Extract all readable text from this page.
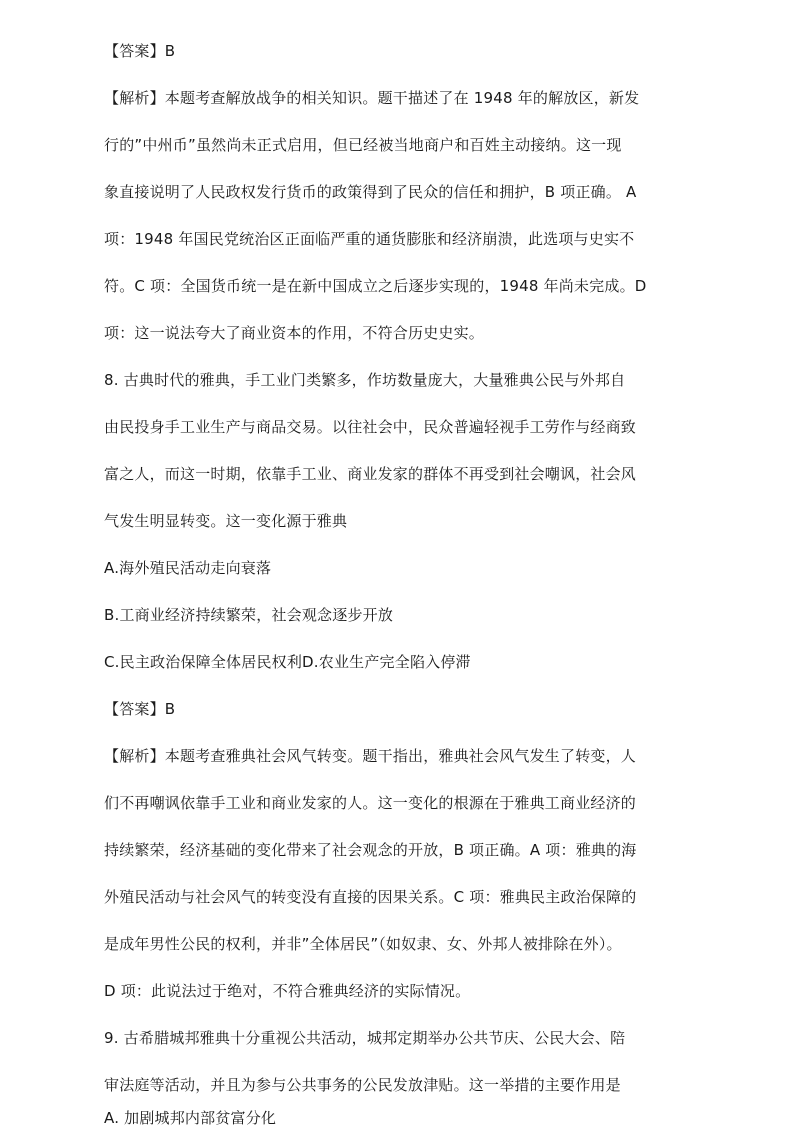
【答案】B
【解析】本题考查解放战争的相关知识。题干描述了在 1948 年的解放区，新发
行的”中州币”虽然尚未正式启用，但已经被当地商户和百姓主动接纳。这一现
象直接说明了人民政权发行货币的政策得到了民众的信任和拥护，B 项正确。 A
项：1948 年国民党统治区正面临严重的通货膨胀和经济崩溃，此选项与史实不
符。C 项：全国货币统一是在新中国成立之后逐步实现的，1948 年尚未完成。D
项：这一说法夸大了商业资本的作用，不符合历史史实。
8. 古典时代的雅典，手工业门类繁多，作坊数量庞大，大量雅典公民与外邦自
由民投身手工业生产与商品交易。以往社会中，民众普遍轻视手工劳作与经商致
富之人，而这一时期，依靠手工业、商业发家的群体不再受到社会嘲讽，社会风
气发生明显转变。这一变化源于雅典
A.海外殖民活动走向衰落
B.工商业经济持续繁荣，社会观念逐步开放
C.民主政治保障全体居民权利D.农业生产完全陷入停滞
【答案】B
【解析】本题考查雅典社会风气转变。题干指出，雅典社会风气发生了转变，人
们不再嘲讽依靠手工业和商业发家的人。这一变化的根源在于雅典工商业经济的
持续繁荣，经济基础的变化带来了社会观念的开放，B 项正确。A 项：雅典的海
外殖民活动与社会风气的转变没有直接的因果关系。C 项：雅典民主政治保障的
是成年男性公民的权利，并非”全体居民”（如奴隶、女、外邦人被排除在外）。
D 项：此说法过于绝对，不符合雅典经济的实际情况。
9. 古希腊城邦雅典十分重视公共活动，城邦定期举办公共节庆、公民大会、陪
审法庭等活动，并且为参与公共事务的公民发放津贴。这一举措的主要作用是
A. 加剧城邦内部贫富分化
